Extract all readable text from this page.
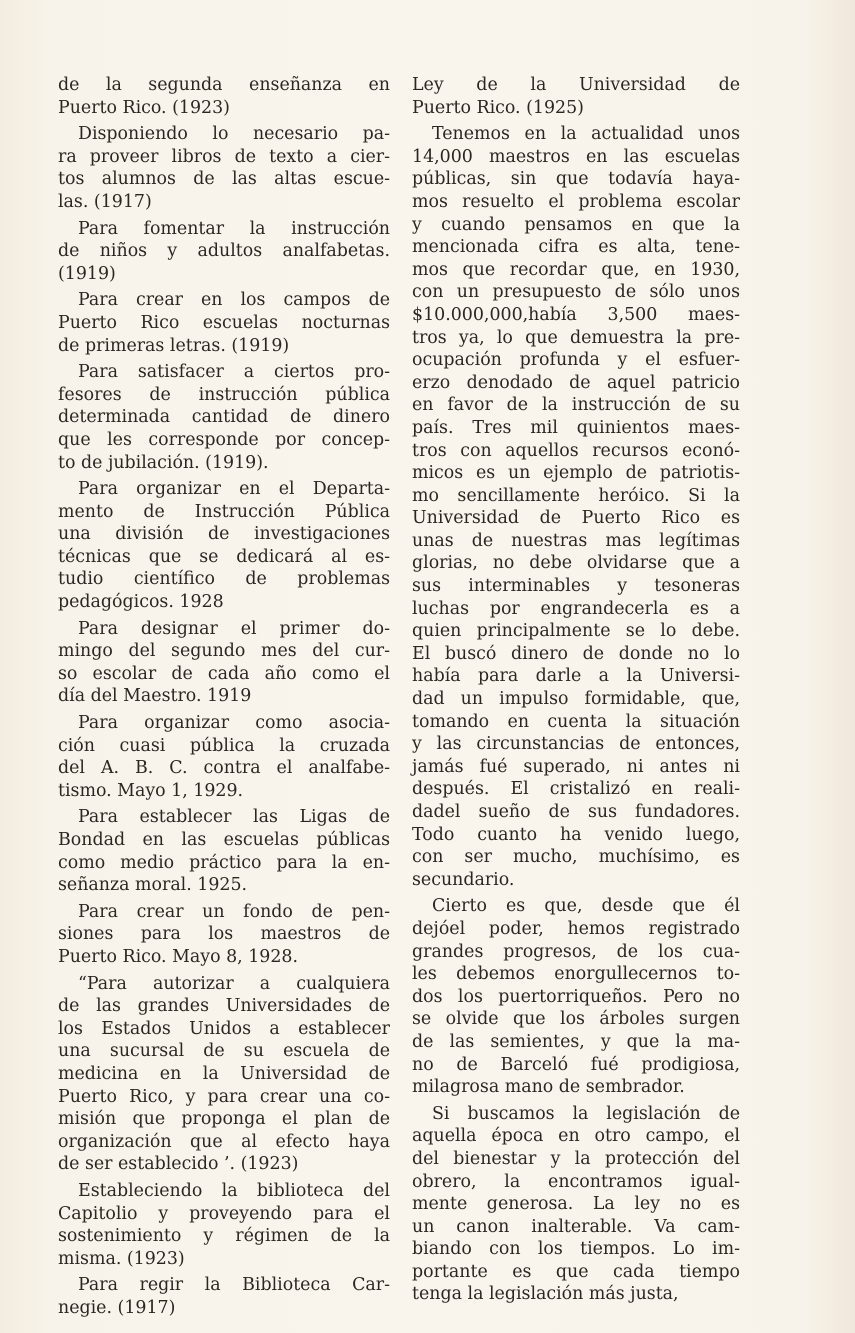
de la segunda enseñanza en
Puerto Rico. (1923)
Disponiendo lo necesario pa-
ra proveer libros de texto a cier-
tos alumnos de las altas escue-
las. (1917)
Para fomentar la instrucción
de niños y adultos analfabetas.
(1919)
Para crear en los campos de
Puerto Rico escuelas nocturnas
de primeras letras. (1919)
Para satisfacer a ciertos pro-
fesores de instrucción pública
determinada cantidad de dinero
que les corresponde por concep-
to de jubilación. (1919).
Para organizar en el Departa-
mento de Instrucción Pública
una división de investigaciones
técnicas que se dedicará al es-
tudio científico de problemas
pedagógicos. 1928
Para designar el primer do-
mingo del segundo mes del cur-
so escolar de cada año como el
día del Maestro. 1919
Para organizar como asocia-
ción cuasi pública la cruzada
del A. B. C. contra el analfabe-
tismo. Mayo 1, 1929.
Para establecer las Ligas de
Bondad en las escuelas públicas
como medio práctico para la en-
señanza moral. 1925.
Para crear un fondo de pen-
siones para los maestros de
Puerto Rico. Mayo 8, 1928.
“Para autorizar a cualquiera
de las grandes Universidades de
los Estados Unidos a establecer
una sucursal de su escuela de
medicina en la Universidad de
Puerto Rico, y para crear una co-
misión que proponga el plan de
organización que al efecto haya
de ser establecido ’. (1923)
Estableciendo la biblioteca del
Capitolio y proveyendo para el
sostenimiento y régimen de la
misma. (1923)
Para regir la Biblioteca Car-
negie. (1917)
Ley de la Universidad de
Puerto Rico. (1925)
Tenemos en la actualidad unos
14,000 maestros en las escuelas
públicas, sin que todavía haya-
mos resuelto el problema escolar
y cuando pensamos en que la
mencionada cifra es alta, tene-
mos que recordar que, en 1930,
con un presupuesto de sólo unos
$10.000,000,había 3,500 maes-
tros ya, lo que demuestra la pre-
ocupación profunda y el esfuer-
erzo denodado de aquel patricio
en favor de la instrucción de su
país. Tres mil quinientos maes-
tros con aquellos recursos econó-
micos es un ejemplo de patriotis-
mo sencillamente heróico. Si la
Universidad de Puerto Rico es
unas de nuestras mas legítimas
glorias, no debe olvidarse que a
sus interminables y tesoneras
luchas por engrandecerla es a
quien principalmente se lo debe.
El buscó dinero de donde no lo
había para darle a la Universi-
dad un impulso formidable, que,
tomando en cuenta la situación
y las circunstancias de entonces,
jamás fué superado, ni antes ni
después. El cristalizó en reali-
dadel sueño de sus fundadores.
Todo cuanto ha venido luego,
con ser mucho, muchísimo, es
secundario.
Cierto es que, desde que él
dejóel poder, hemos registrado
grandes progresos, de los cua-
les debemos enorgullecernos to-
dos los puertorriqueños. Pero no
se olvide que los árboles surgen
de las semientes, y que la ma-
no de Barceló fué prodigiosa,
milagrosa mano de sembrador.
Si buscamos la legislación de
aquella época en otro campo, el
del bienestar y la protección del
obrero, la encontramos igual-
mente generosa. La ley no es
un canon inalterable. Va cam-
biando con los tiempos. Lo im-
portante es que cada tiempo
tenga la legislación más justa,
